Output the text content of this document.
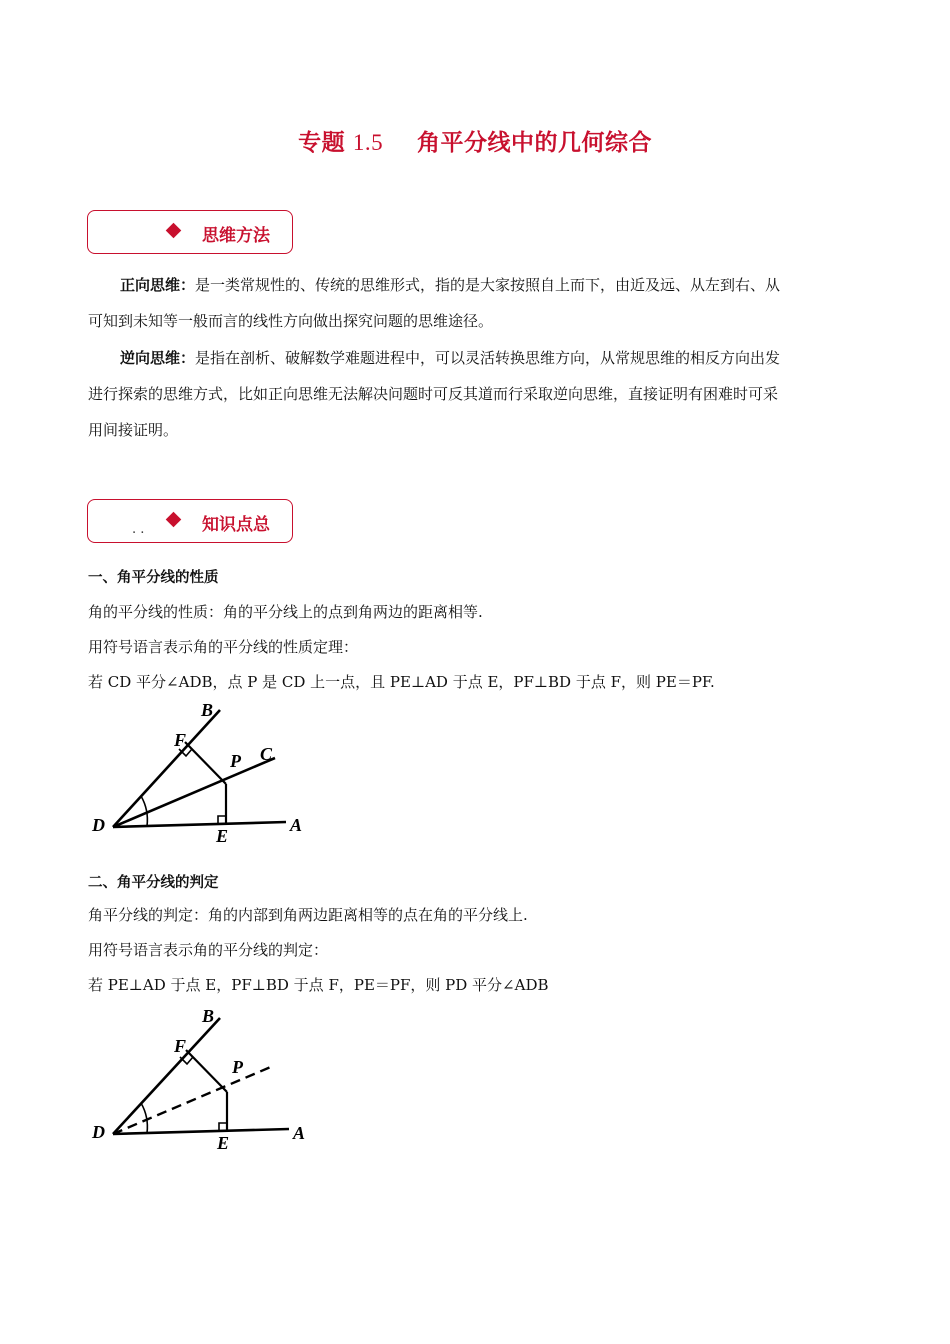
专题 1.5 角平分线中的几何综合
思维方法
正向思维：是一类常规性的、传统的思维形式，指的是大家按照自上而下，由近及远、从左到右、从
可知到未知等一般而言的线性方向做出探究问题的思维途径。
逆向思维：是指在剖析、破解数学难题进程中，可以灵活转换思维方向，从常规思维的相反方向出发
进行探索的思维方式，比如正向思维无法解决问题时可反其道而行采取逆向思维，直接证明有困难时可采
用间接证明。
. .	知识点总
一、角平分线的性质
角的平分线的性质：角的平分线上的点到角两边的距离相等.
用符号语言表示角的平分线的性质定理：
若 CD 平分∠ADB，点 P 是 CD 上一点，且 PE⊥AD 于点 E，PF⊥BD 于点 F，则 PE＝PF.
B
F
C
P
D
E
A
二、角平分线的判定
角平分线的判定：角的内部到角两边距离相等的点在角的平分线上.
用符号语言表示角的平分线的判定：
若 PE⊥AD 于点 E，PF⊥BD 于点 F，PE＝PF，则 PD 平分∠ADB
B
F
P
D
E	A
